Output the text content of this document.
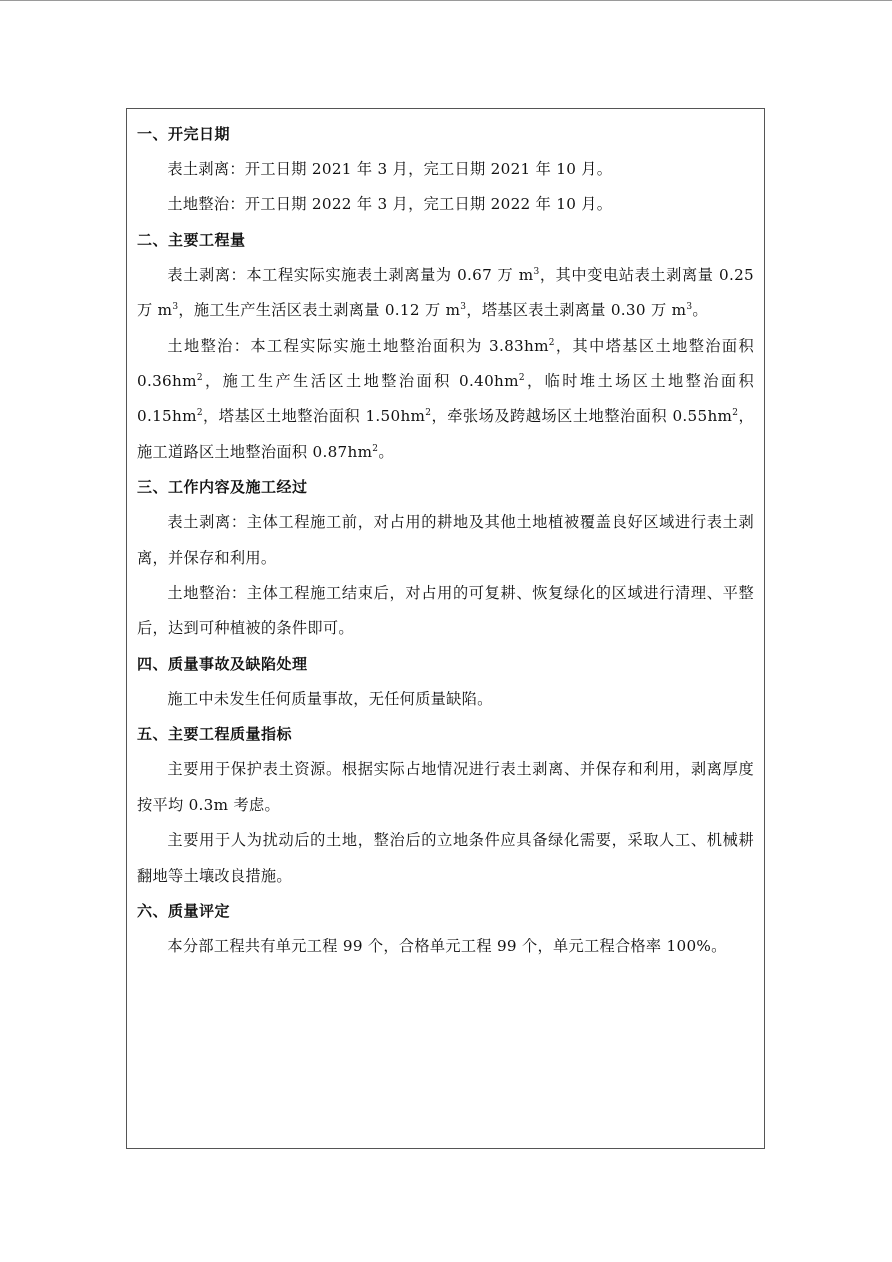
一、开完日期

表土剥离：开工日期 2021 年 3 月，完工日期 2021 年 10 月。

土地整治：开工日期 2022 年 3 月，完工日期 2022 年 10 月。

二、主要工程量

表土剥离：本工程实际实施表土剥离量为 0.67 万 $m^3$，其中变电站表土剥离量 0.25 万 $m^3$，施工生产生活区表土剥离量 0.12 万 $m^3$，塔基区表土剥离量 0.30 万 $m^3$。

土地整治：本工程实际实施土地整治面积为 $3.83hm^2$，其中塔基区土地整治面积 $0.36hm^2$，施工生产生活区土地整治面积 $0.40hm^2$，临时堆土场区土地整治面积 $0.15hm^2$，塔基区土地整治面积 $1.50hm^2$，牵张场及跨越场区土地整治面积 $0.55hm^2$，施工道路区土地整治面积 $0.87hm^2$。

三、工作内容及施工经过

表土剥离：主体工程施工前，对占用的耕地及其他土地植被覆盖良好区域进行表土剥离，并保存和利用。

土地整治：主体工程施工结束后，对占用的可复耕、恢复绿化的区域进行清理、平整后，达到可种植被的条件即可。

四、质量事故及缺陷处理

施工中未发生任何质量事故，无任何质量缺陷。

五、主要工程质量指标

主要用于保护表土资源。根据实际占地情况进行表土剥离、并保存和利用，剥离厚度按平均 0.3m 考虑。

主要用于人为扰动后的土地，整治后的立地条件应具备绿化需要，采取人工、机械耕翻地等土壤改良措施。

六、质量评定

本分部工程共有单元工程 99 个，合格单元工程 99 个，单元工程合格率 100%。
